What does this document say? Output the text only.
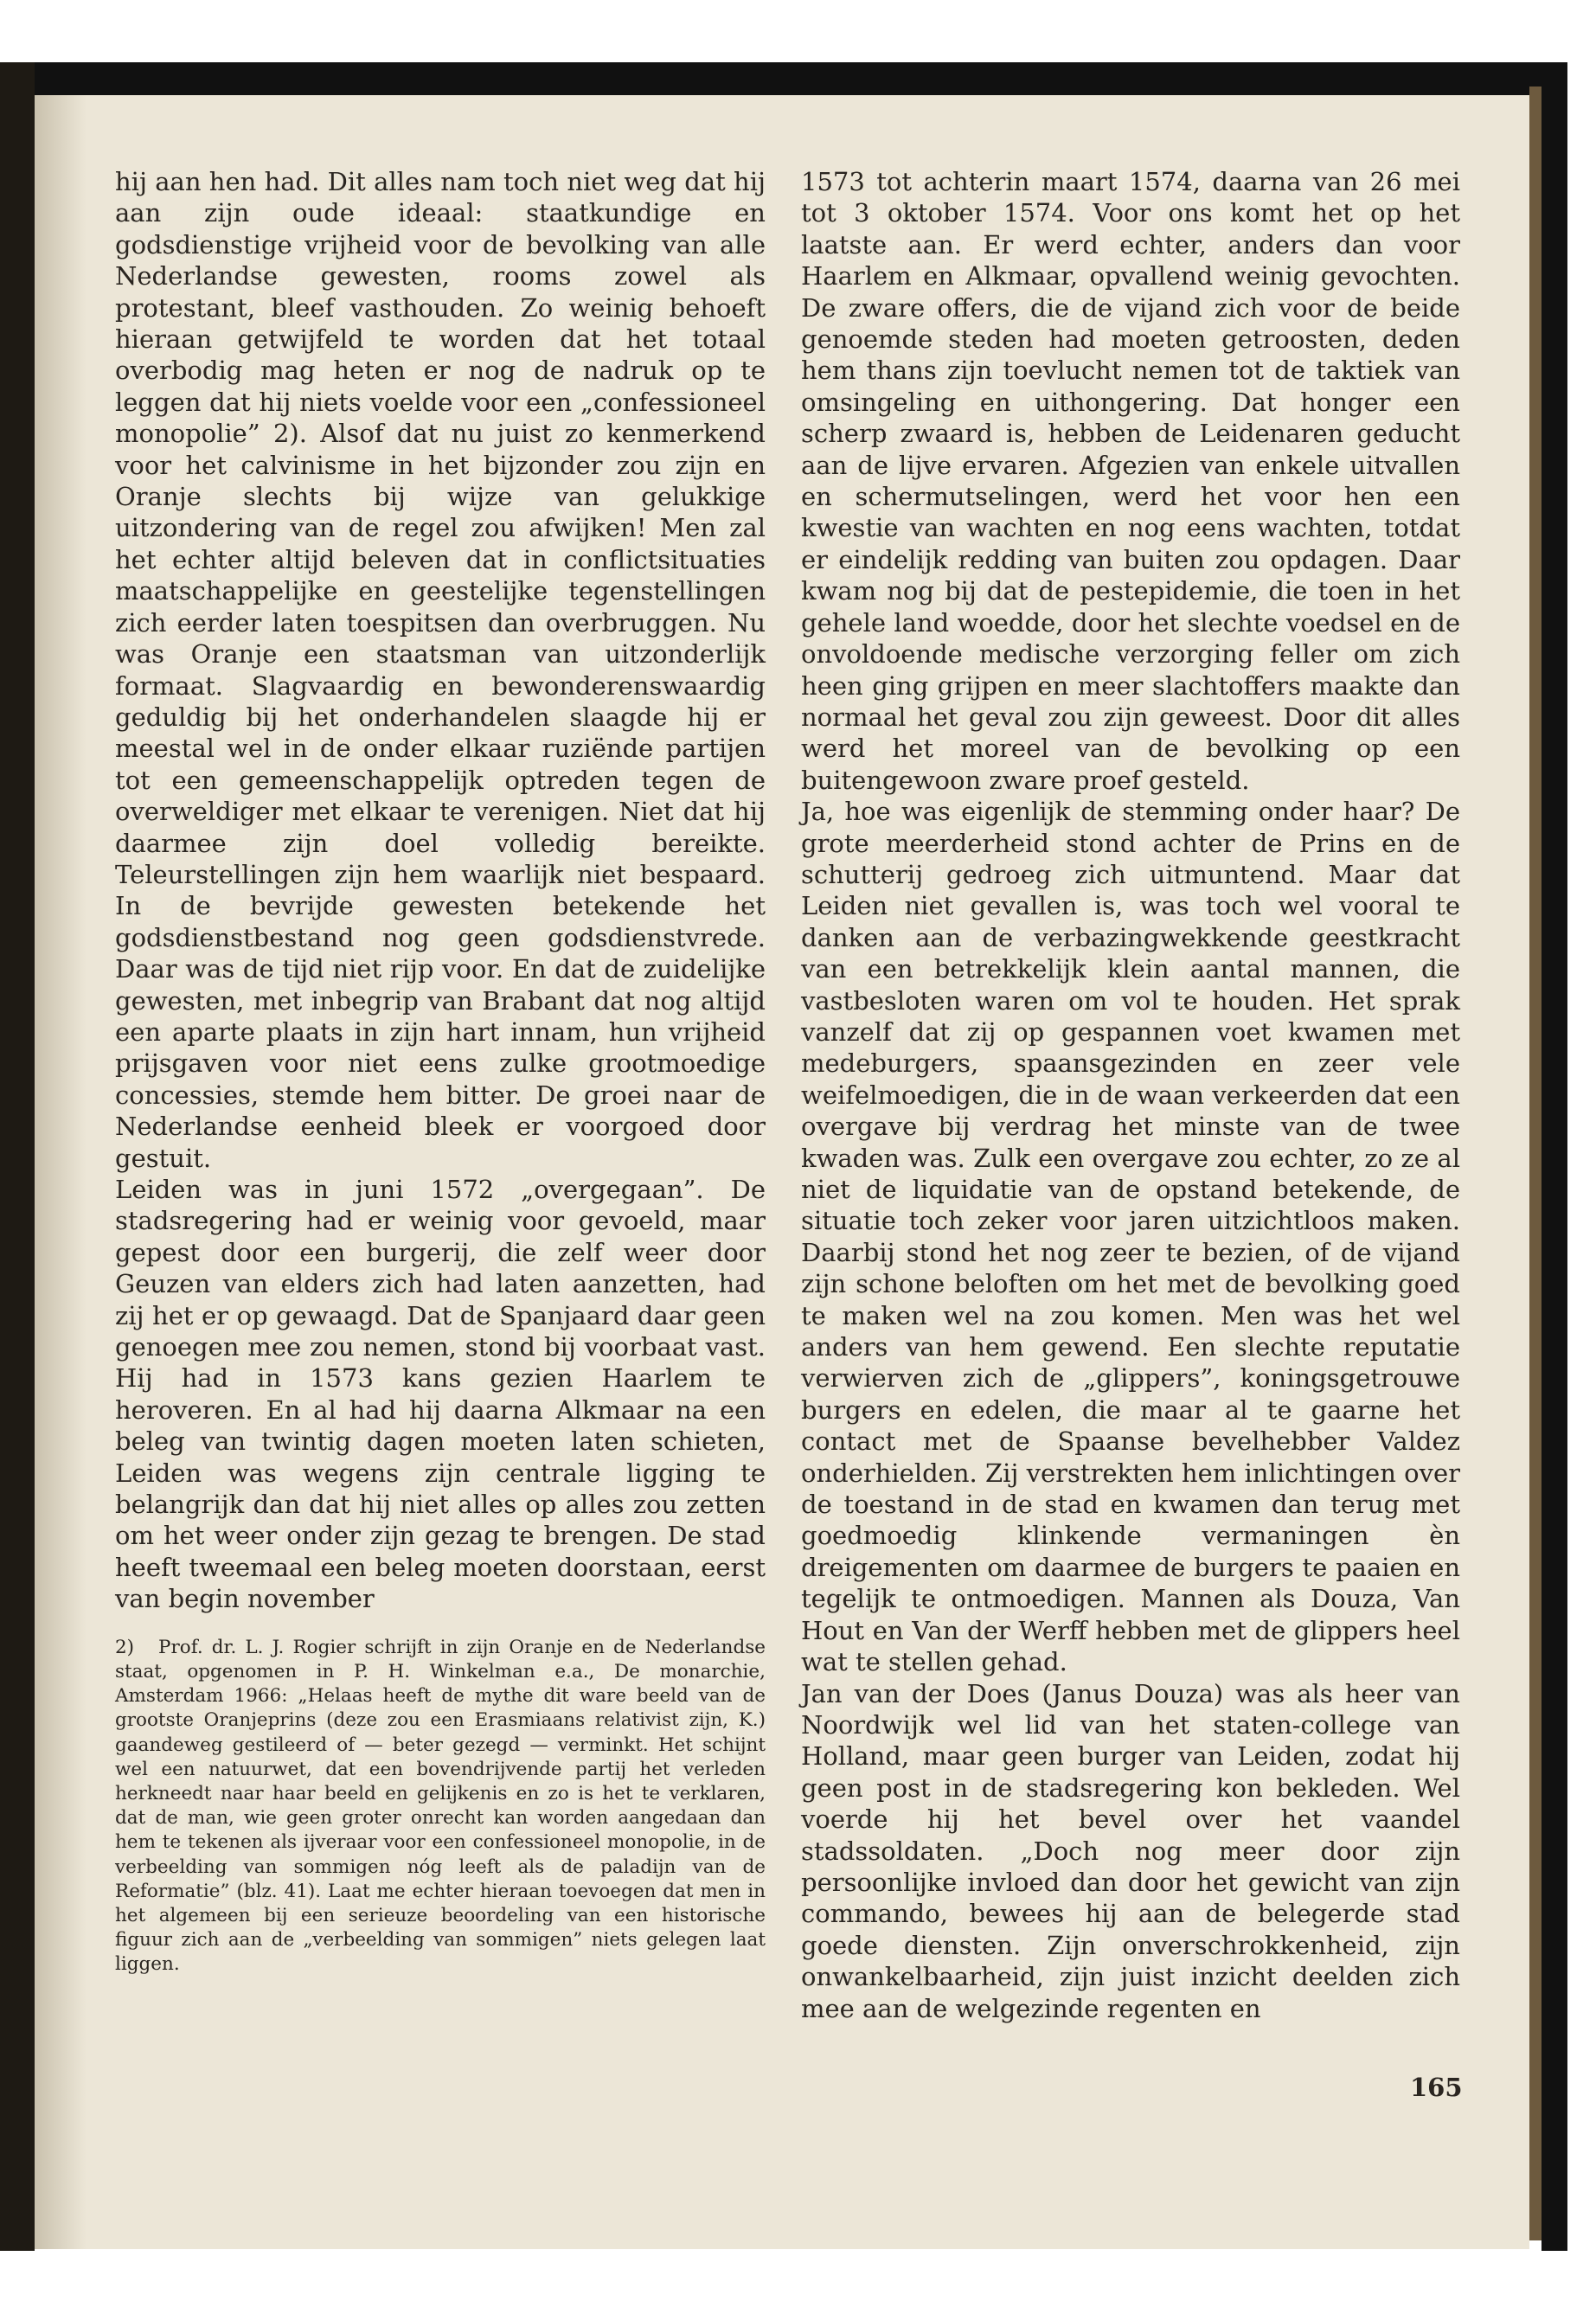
hij aan hen had. Dit alles nam toch niet weg dat hij aan zijn oude ideaal: staatkundige en godsdienstige vrijheid voor de bevolking van alle Nederlandse gewesten, rooms zowel als protestant, bleef vasthouden. Zo weinig behoeft hieraan getwijfeld te worden dat het totaal overbodig mag heten er nog de nadruk op te leggen dat hij niets voelde voor een „confessioneel monopolie” 2). Alsof dat nu juist zo kenmerkend voor het calvinisme in het bijzonder zou zijn en Oranje slechts bij wijze van gelukkige uitzondering van de regel zou afwijken! Men zal het echter altijd beleven dat in conflictsituaties maatschappelijke en geestelijke tegenstellingen zich eerder laten toespitsen dan overbruggen. Nu was Oranje een staatsman van uitzonderlijk formaat. Slagvaardig en bewonderenswaardig geduldig bij het onderhandelen slaagde hij er meestal wel in de onder elkaar ruziënde partijen tot een gemeenschappelijk optreden tegen de overweldiger met elkaar te verenigen. Niet dat hij daarmee zijn doel volledig bereikte. Teleurstellingen zijn hem waarlijk niet bespaard. In de bevrijde gewesten betekende het godsdienstbestand nog geen godsdienstvrede. Daar was de tijd niet rijp voor. En dat de zuidelijke gewesten, met inbegrip van Brabant dat nog altijd een aparte plaats in zijn hart innam, hun vrijheid prijsgaven voor niet eens zulke grootmoedige concessies, stemde hem bitter. De groei naar de Nederlandse eenheid bleek er voorgoed door gestuit.

Leiden was in juni 1572 „overgegaan”. De stadsregering had er weinig voor gevoeld, maar gepest door een burgerij, die zelf weer door Geuzen van elders zich had laten aanzetten, had zij het er op gewaagd. Dat de Spanjaard daar geen genoegen mee zou nemen, stond bij voorbaat vast. Hij had in 1573 kans gezien Haarlem te heroveren. En al had hij daarna Alkmaar na een beleg van twintig dagen moeten laten schieten, Leiden was wegens zijn centrale ligging te belangrijk dan dat hij niet alles op alles zou zetten om het weer onder zijn gezag te brengen. De stad heeft tweemaal een beleg moeten doorstaan, eerst van begin november

2) Prof. dr. L. J. Rogier schrijft in zijn Oranje en de Nederlandse staat, opgenomen in P. H. Winkelman e.a., De monarchie, Amsterdam 1966: „Helaas heeft de mythe dit ware beeld van de grootste Oranjeprins (deze zou een Erasmiaans relativist zijn, K.) gaandeweg gestileerd of — beter gezegd — verminkt. Het schijnt wel een natuurwet, dat een bovendrijvende partij het verleden herkneedt naar haar beeld en gelijkenis en zo is het te verklaren, dat de man, wie geen groter onrecht kan worden aangedaan dan hem te tekenen als ijveraar voor een confessioneel monopolie, in de verbeelding van sommigen nóg leeft als de paladijn van de Reformatie” (blz. 41). Laat me echter hieraan toevoegen dat men in het algemeen bij een serieuze beoordeling van een historische figuur zich aan de „verbeelding van sommigen” niets gelegen laat liggen.

1573 tot achterin maart 1574, daarna van 26 mei tot 3 oktober 1574. Voor ons komt het op het laatste aan. Er werd echter, anders dan voor Haarlem en Alkmaar, opvallend weinig gevochten. De zware offers, die de vijand zich voor de beide genoemde steden had moeten getroosten, deden hem thans zijn toevlucht nemen tot de taktiek van omsingeling en uithongering. Dat honger een scherp zwaard is, hebben de Leidenaren geducht aan de lijve ervaren. Afgezien van enkele uitvallen en schermutselingen, werd het voor hen een kwestie van wachten en nog eens wachten, totdat er eindelijk redding van buiten zou opdagen. Daar kwam nog bij dat de pestepidemie, die toen in het gehele land woedde, door het slechte voedsel en de onvoldoende medische verzorging feller om zich heen ging grijpen en meer slachtoffers maakte dan normaal het geval zou zijn geweest. Door dit alles werd het moreel van de bevolking op een buitengewoon zware proef gesteld.

Ja, hoe was eigenlijk de stemming onder haar? De grote meerderheid stond achter de Prins en de schutterij gedroeg zich uitmuntend. Maar dat Leiden niet gevallen is, was toch wel vooral te danken aan de verbazingwekkende geestkracht van een betrekkelijk klein aantal mannen, die vastbesloten waren om vol te houden. Het sprak vanzelf dat zij op gespannen voet kwamen met medeburgers, spaansgezinden en zeer vele weifelmoedigen, die in de waan verkeerden dat een overgave bij verdrag het minste van de twee kwaden was. Zulk een overgave zou echter, zo ze al niet de liquidatie van de opstand betekende, de situatie toch zeker voor jaren uitzichtloos maken. Daarbij stond het nog zeer te bezien, of de vijand zijn schone beloften om het met de bevolking goed te maken wel na zou komen. Men was het wel anders van hem gewend. Een slechte reputatie verwierven zich de „glippers”, koningsgetrouwe burgers en edelen, die maar al te gaarne het contact met de Spaanse bevelhebber Valdez onderhielden. Zij verstrekten hem inlichtingen over de toestand in de stad en kwamen dan terug met goedmoedig klinkende vermaningen èn dreigementen om daarmee de burgers te paaien en tegelijk te ontmoedigen. Mannen als Douza, Van Hout en Van der Werff hebben met de glippers heel wat te stellen gehad.

Jan van der Does (Janus Douza) was als heer van Noordwijk wel lid van het staten-college van Holland, maar geen burger van Leiden, zodat hij geen post in de stadsregering kon bekleden. Wel voerde hij het bevel over het vaandel stadssoldaten. „Doch nog meer door zijn persoonlijke invloed dan door het gewicht van zijn commando, bewees hij aan de belegerde stad goede diensten. Zijn onverschrokkenheid, zijn onwankelbaarheid, zijn juist inzicht deelden zich mee aan de welgezinde regenten en

165
